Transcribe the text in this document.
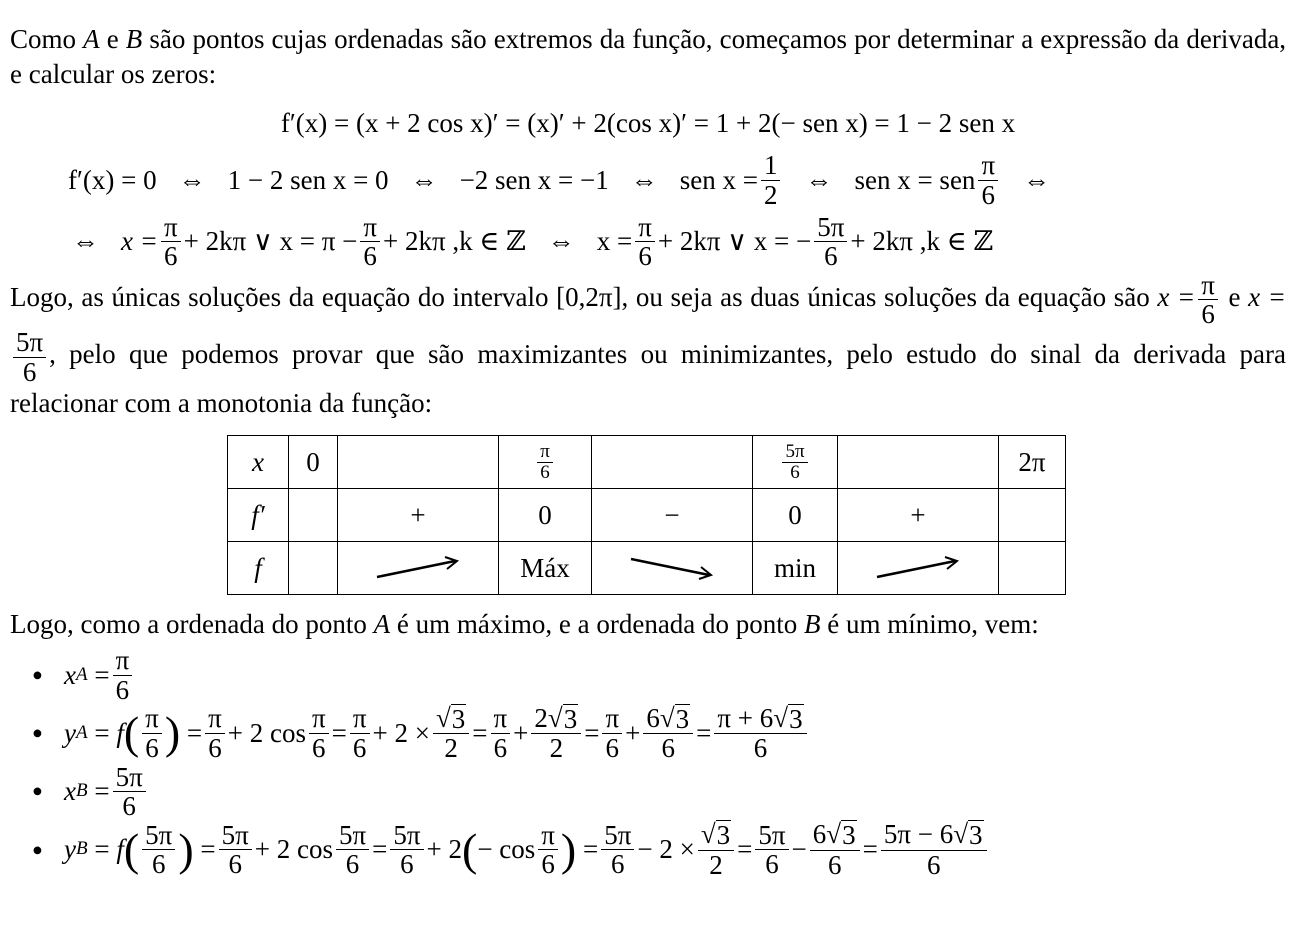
Como A e B são pontos cujas ordenadas são extremos da função, começamos por determinar a expressão da derivada, e calcular os zeros:

f′(x) = (x + 2 cos x)′ = (x)′ + 2(cos x)′ = 1 + 2(− sen x) = 1 − 2 sen x
f′(x) = 0 ⇔ 1 − 2 sen x = 0 ⇔ −2 sen x = −1 ⇔ sen $x = \frac{1}{2}$ ⇔ sen x = sen $\frac{\pi}{6}$ ⇔
⇔ $x = \frac{\pi}{6} + 2k\pi$
∨
$x = \pi - \frac{\pi}{6} + 2k\pi$ ,k ∈ ℤ ⇔ $x = \frac{\pi}{6} + 2k\pi$
∨
x = − $\frac{5\pi}{6} + 2k\pi$ ,k ∈ ℤ

Logo, as únicas soluções da equação do intervalo [0,2π], ou seja as duas únicas soluções da equação são $x = \frac{\pi}{6}$ e x =
$\frac{5\pi}{6}$ , pelo que podemos provar que são maximizantes ou minimizantes, pelo estudo do sinal da derivada para relacionar com a monotonia da função:

x	0		$\frac{\pi}{6}$		$\frac{5\pi}{6}$		2π
f′		+	0	−	0	+	
f			Máx		min	

Logo, como a ordenada do ponto A é um máximo, e a ordenada do ponto B é um mínimo, vem:

● x A
= $\frac{\pi}{6}$
● y A
=
f ( $\frac{\pi}{6}$ )
= $\frac{\pi}{6} + 2$ $\cos \frac{\pi}{6} = \frac{\pi}{6} + 2 \times \frac{√ 3}{2} = \frac{\pi}{6} + \frac{2√ 3}{2} = \frac{\pi}{6} + \frac{6√ 3}{6} = \frac{\pi + 6√ 3}{6}$
● x B
= $\frac{5\pi}{6}$
● y B
=
f ( $\frac{5\pi}{6}$ )
= $\frac{5\pi}{6} + 2$ $\cos \frac{5\pi}{6} = \frac{5\pi}{6} + 2$ ( − $\cos \frac{\pi}{6}$ )
= $\frac{5\pi}{6} - 2 \times \frac{√ 3}{2} = \frac{5\pi}{6} - \frac{6√ 3}{6} = \frac{5\pi - 6√ 3}{6}$
